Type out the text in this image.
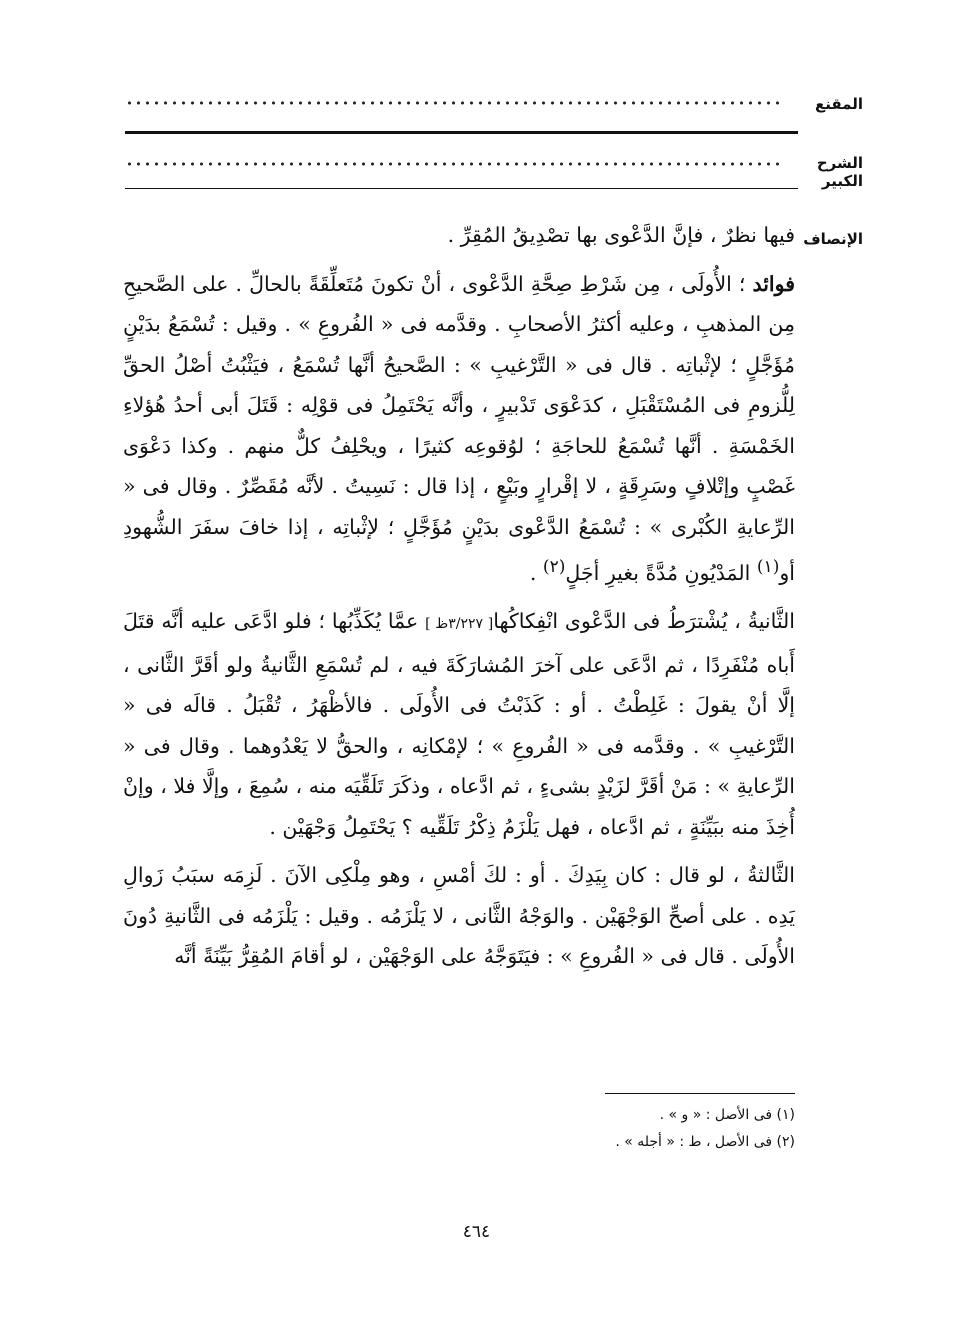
المقنع
الشرح الكبير
الإنصاف

فيها نظرٌ ، فإنَّ الدَّعْوى بها تصْدِيقُ المُقِرِّ .

فوائد ؛ الأُولَى ، مِن شَرْطِ صِحَّةِ الدَّعْوى ، أنْ تكونَ مُتَعلِّقَةً بالحالِّ . على الصَّحيحِ مِن المذهبِ ، وعليه أكثرُ الأصحابِ . وقدَّمه فى « الفُروعِ » . وقيل : تُسْمَعُ بدَيْنٍ مُؤَجَّلٍ ؛ لإثْباتِه . قال فى « التَّرْغيبِ » : الصَّحيحُ أنَّها تُسْمَعُ ، فيَثْبُتُ أصْلُ الحقِّ لِلُّزومِ فى المُسْتَقْبَلِ ، كدَعْوَى تَدْبيرٍ ، وأنَّه يَحْتَمِلُ فى قوْلِه : قَتَلَ أبى أحدُ هُؤلاءِ الخَمْسَةِ . أنَّها تُسْمَعُ للحاجَةِ ؛ لوُقوعِه كثيرًا ، ويحْلِفُ كلٌّ منهم . وكذا دَعْوَى غَصْبٍ وإتْلافٍ وسَرِقَةٍ ، لا إقْرارٍ وبَيْعٍ ، إذا قال : نَسِيتُ . لأنَّه مُقَصِّرٌ . وقال فى « الرِّعايةِ الكُبْرى » : تُسْمَعُ الدَّعْوى بدَيْنٍ مُؤَجَّلٍ ؛ لإثْباتِه ، إذا خافَ سفَرَ الشُّهودِ أو$^{(١)}$ المَدْيُونِ مُدَّةً بغيرِ أجَلٍ$^{(٢)}$ .

الثَّانيةُ ، يُشْترَطُ فى الدَّعْوى انْفِكاكُها[ ٣/٢٢٧ظ ] عمَّا يُكَذِّبُها ؛ فلو ادَّعَى عليه أنَّه قتَلَ أَباه مُنْفَرِدًا ، ثم ادَّعَى على آخرَ المُشارَكَةَ فيه ، لم تُسْمَعِ الثَّانيةُ ولو أقَرَّ الثَّانى ، إلَّا أنْ يقولَ : غَلِطْتُ . أو : كَذَبْتُ فى الأُولَى . فالأظْهَرُ ، تُقْبَلُ . قالَه فى « التَّرْغيبِ » . وقدَّمه فى « الفُروعِ » ؛ لإمْكانِه ، والحقُّ لا يَعْدُوهما . وقال فى « الرِّعايةِ » : مَنْ أقَرَّ لزَيْدٍ بشىءٍ ، ثم ادَّعاه ، وذكَرَ تَلَقِّيَه منه ، سُمِعَ ، وإلَّا فلا ، وإنْ أُخِذَ منه ببَيِّنَةٍ ، ثم ادَّعاه ، فهل يَلْزَمُ ذِكْرُ تَلَقِّيه ؟ يَحْتَمِلُ وَجْهَيْن .

الثَّالثةُ ، لو قال : كان بِيَدِكَ . أو : لكَ أمْسِ ، وهو مِلْكِى الآنَ . لَزِمَه سبَبُ زَوالِ يَدِه . على أصحِّ الوَجْهَيْن . والوَجْهُ الثَّانى ، لا يَلْزَمُه . وقيل : يَلْزَمُه فى الثَّانيةِ دُونَ الأُولَى . قال فى « الفُروعِ » : فيَتَوَجَّهُ على الوَجْهَيْن ، لو أقامَ المُقِرُّ بَيِّنَةً أنَّه

(١) فى الأصل : « و » .
(٢) فى الأصل ، ط : « أجله » .
٤٦٤
